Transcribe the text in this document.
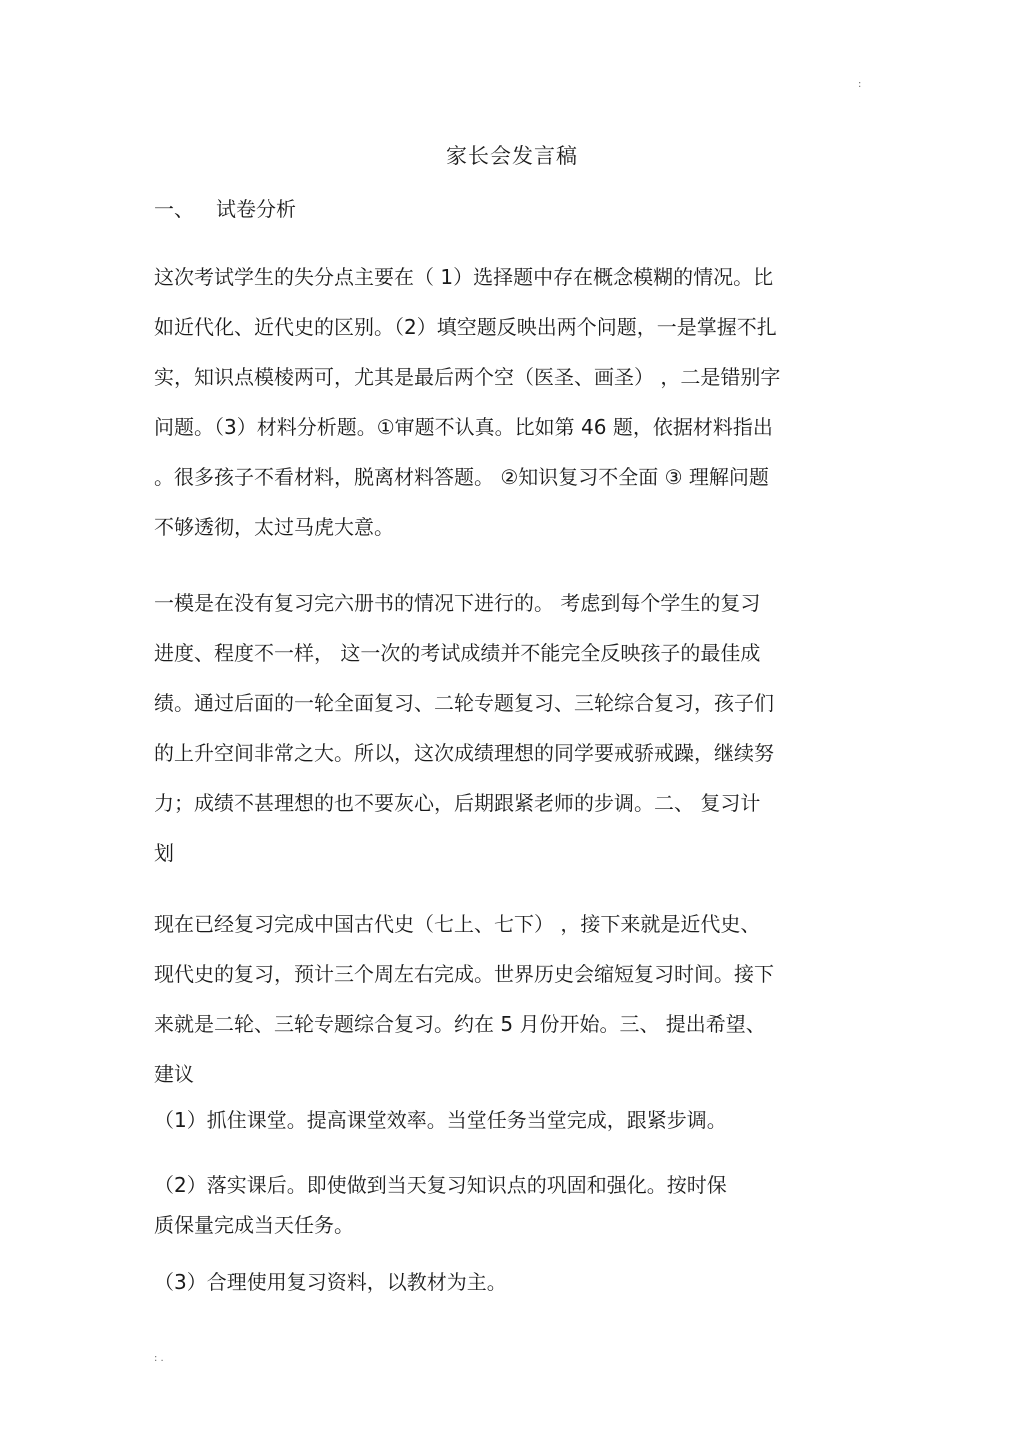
:
家长会发言稿
一、 试卷分析

这次考试学生的失分点主要在（ 1）选择题中存在概念模糊的情况。比
如近代化、近代史的区别。（2）填空题反映出两个问题，一是掌握不扎
实，知识点模棱两可，尤其是最后两个空（医圣、画圣） ，二是错别字
问题。（3）材料分析题。①审题不认真。比如第 46 题，依据材料指出
。很多孩子不看材料，脱离材料答题。 ②知识复习不全面 ③ 理解问题
不够透彻，太过马虎大意。

一模是在没有复习完六册书的情况下进行的。 考虑到每个学生的复习
进度、程度不一样， 这一次的考试成绩并不能完全反映孩子的最佳成
绩。通过后面的一轮全面复习、二轮专题复习、三轮综合复习，孩子们
的上升空间非常之大。所以，这次成绩理想的同学要戒骄戒躁，继续努
力；成绩不甚理想的也不要灰心，后期跟紧老师的步调。二、 复习计
划

现在已经复习完成中国古代史（七上、七下） ，接下来就是近代史、
现代史的复习，预计三个周左右完成。世界历史会缩短复习时间。接下
来就是二轮、三轮专题综合复习。约在 5 月份开始。三、 提出希望、
建议

（1）抓住课堂。提高课堂效率。当堂任务当堂完成，跟紧步调。

（2）落实课后。即使做到当天复习知识点的巩固和强化。按时保
质保量完成当天任务。

（3）合理使用复习资料，以教材为主。

: .
